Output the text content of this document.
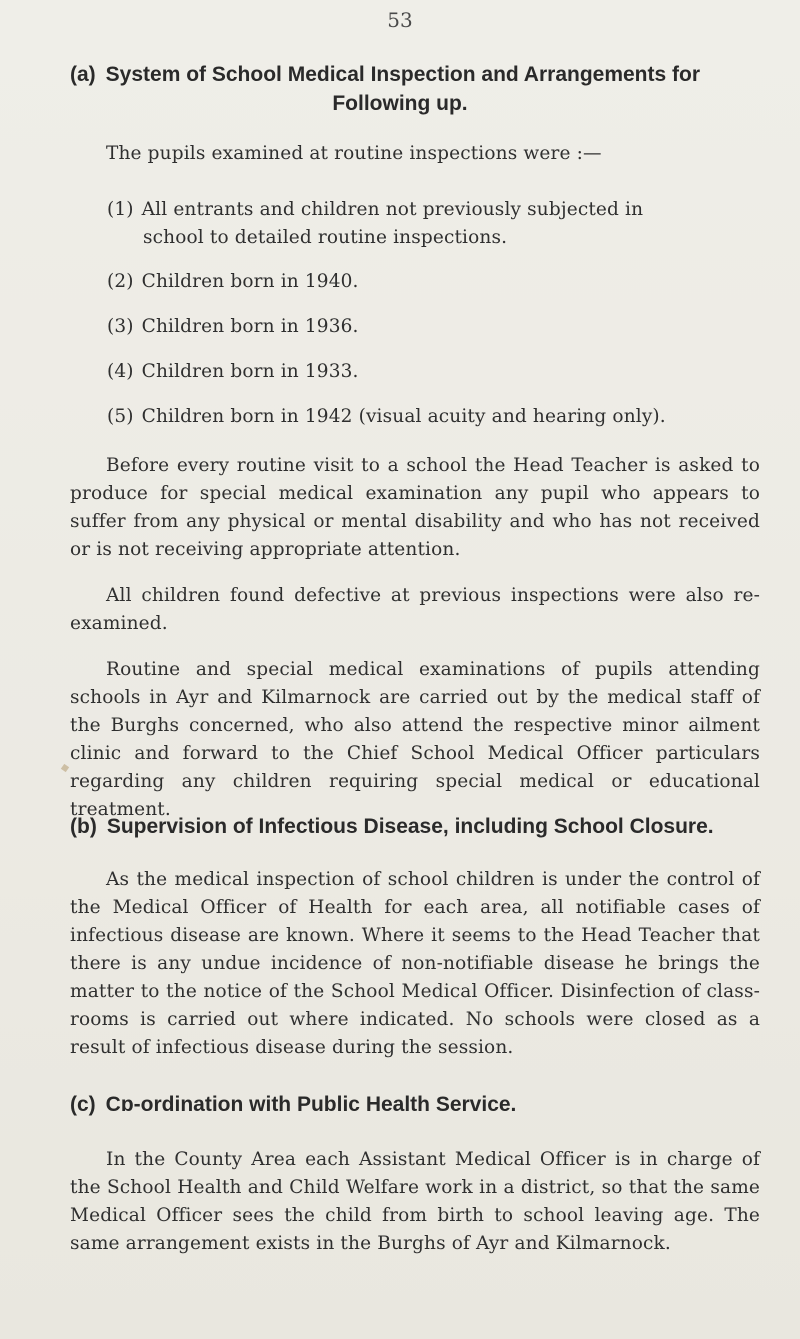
53
(a) System of School Medical Inspection and Arrangements for
Following up.
The pupils examined at routine inspections were :—
(1) All entrants and children not previously subjected in
school to detailed routine inspections.
(2) Children born in 1940.
(3) Children born in 1936.
(4) Children born in 1933.
(5) Children born in 1942 (visual acuity and hearing only).
Before every routine visit to a school the Head Teacher is asked to produce for special medical examination any pupil who appears to suffer from any physical or mental disability and who has not received or is not receiving appropriate attention.
All children found defective at previous inspections were also re-examined.
Routine and special medical examinations of pupils attending schools in Ayr and Kilmarnock are carried out by the medical staff of the Burghs concerned, who also attend the respective minor ailment clinic and forward to the Chief School Medical Officer particulars regarding any children requiring special medical or educational treatment.
(b) Supervision of Infectious Disease, including School Closure.
As the medical inspection of school children is under the control of the Medical Officer of Health for each area, all notifiable cases of infectious disease are known. Where it seems to the Head Teacher that there is any undue incidence of non-notifiable disease he brings the matter to the notice of the School Medical Officer. Disinfection of class-rooms is carried out where indicated. No schools were closed as a result of infectious disease during the session.
(c) Cɒ-ordination with Public Health Service.
In the County Area each Assistant Medical Officer is in charge of the School Health and Child Welfare work in a district, so that the same Medical Officer sees the child from birth to school leaving age. The same arrangement exists in the Burghs of Ayr and Kilmarnock.
